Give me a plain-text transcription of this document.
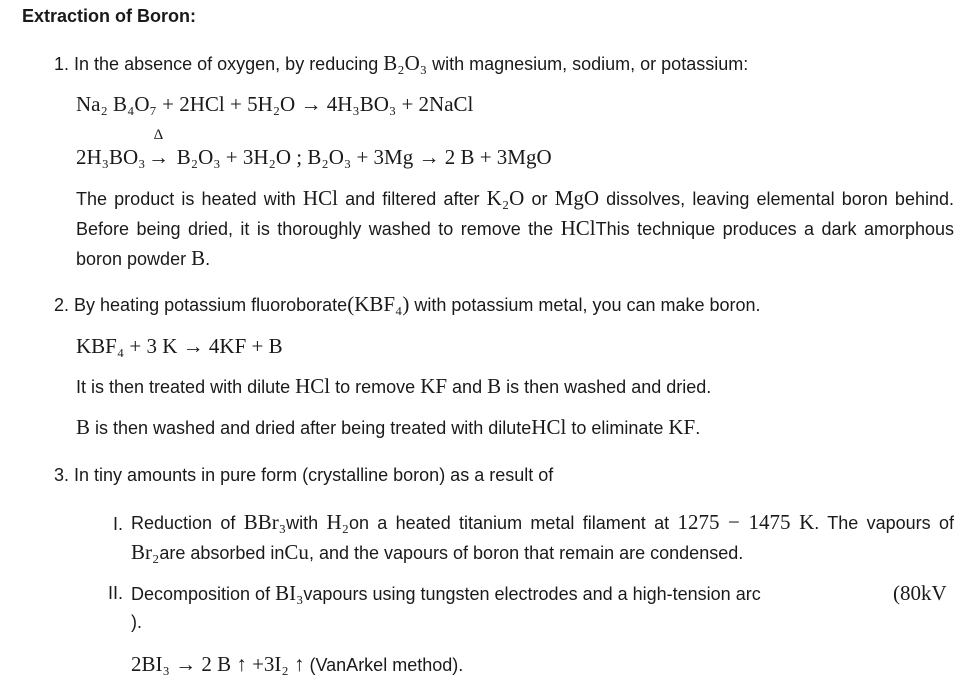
Extraction of Boron:
1. In the absence of oxygen, by reducing B₂O₃ with magnesium, sodium, or potassium:
Na₂ B₄O₇ + 2HCl + 5H₂O → 4H₃BO₃ + 2NaCl
2H₃BO₃
Δ
→ B₂O₃ + 3H₂O ; B₂O₃ + 3Mg → 2 B + 3MgO
The product is heated with HCl and filtered after K₂O or MgO dissolves, leaving elemental boron behind. Before being dried, it is thoroughly washed to remove the HClThis technique produces a dark amorphous boron powder B.
2. By heating potassium fluoroborate(KBF₄) with potassium metal, you can make boron.
KBF₄ + 3 K → 4KF + B
It is then treated with dilute HCl to remove KF and B is then washed and dried.
B is then washed and dried after being treated with diluteHCl to eliminate KF.
3. In tiny amounts in pure form (crystalline boron) as a result of
I. Reduction of BBr₃with H₂on a heated titanium metal filament at 1275 − 1475 K. The vapours of Br₂are absorbed inCu, and the vapours of boron that remain are condensed.
II. Decomposition of BI₃vapours using tungsten electrodes and a high-tension arc	(80kV
).
2BI₃ → 2 B ↑ +3I₂ ↑ (VanArkel method).
